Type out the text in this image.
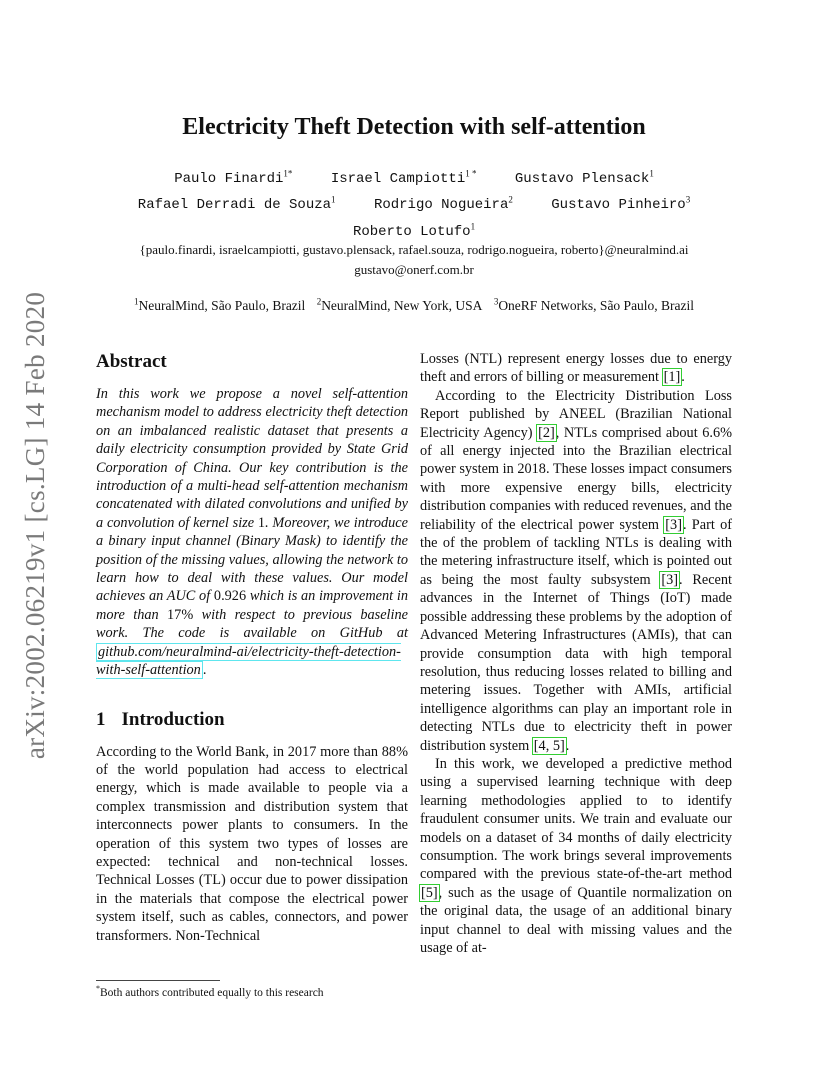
arXiv:2002.06219v1 [cs.LG] 14 Feb 2020
Electricity Theft Detection with self-attention
Paulo Finardi$^{1*}$	Israel Campiotti$^{1 *}$	Gustavo Plensack$^1$
Rafael Derradi de Souza$^1$	Rodrigo Nogueira$^2$	Gustavo Pinheiro$^3$
Roberto Lotufo$^1$
{paulo.finardi, israelcampiotti, gustavo.plensack, rafael.souza, rodrigo.nogueira, roberto}@neuralmind.ai
gustavo@onerf.com.br
$^1$NeuralMind, São Paulo, Brazil $^2$NeuralMind, New York, USA $^3$OneRF Networks, São Paulo, Brazil
Abstract

In this work we propose a novel self-attention mechanism model to address electricity theft detection on an imbalanced realistic dataset that presents a daily electricity consumption provided by State Grid Corporation of China. Our key contribution is the introduction of a multi-head self-attention mechanism concatenated with dilated convolutions and unified by a convolution of kernel size 1. Moreover, we introduce a binary input channel (Binary Mask) to identify the position of the missing values, allowing the network to learn how to deal with these values. Our model achieves an AUC of 0.926 which is an improvement in more than 17% with respect to previous baseline work. The code is available on GitHub at github.com/neuralmind-ai/electricity-theft-detection-with-self-attention .

1 Introduction

According to the World Bank, in 2017 more than 88% of the world population had access to electrical energy, which is made available to people via a complex transmission and distribution system that interconnects power plants to consumers. In the operation of this system two types of losses are expected: technical and non-technical losses. Technical Losses (TL) occur due to power dissipation in the materials that compose the electrical power system itself, such as cables, connectors, and power transformers. Non-Technical

Losses (NTL) represent energy losses due to energy theft and errors of billing or measurement [1].

According to the Electricity Distribution Loss Report published by ANEEL (Brazilian National Electricity Agency) [2], NTLs comprised about 6.6% of all energy injected into the Brazilian electrical power system in 2018. These losses impact consumers with more expensive energy bills, electricity distribution companies with reduced revenues, and the reliability of the electrical power system [3]. Part of the of the problem of tackling NTLs is dealing with the metering infrastructure itself, which is pointed out as being the most faulty subsystem [3]. Recent advances in the Internet of Things (IoT) made possible addressing these problems by the adoption of Advanced Metering Infrastructures (AMIs), that can provide consumption data with high temporal resolution, thus reducing losses related to billing and metering issues. Together with AMIs, artificial intelligence algorithms can play an important role in detecting NTLs due to electricity theft in power distribution system [4, 5].

In this work, we developed a predictive method using a supervised learning technique with deep learning methodologies applied to to identify fraudulent consumer units. We train and evaluate our models on a dataset of 34 months of daily electricity consumption. The work brings several improvements compared with the previous state-of-the-art method [5], such as the usage of Quantile normalization on the original data, the usage of an additional binary input channel to deal with missing values and the usage of at-

*Both authors contributed equally to this research
